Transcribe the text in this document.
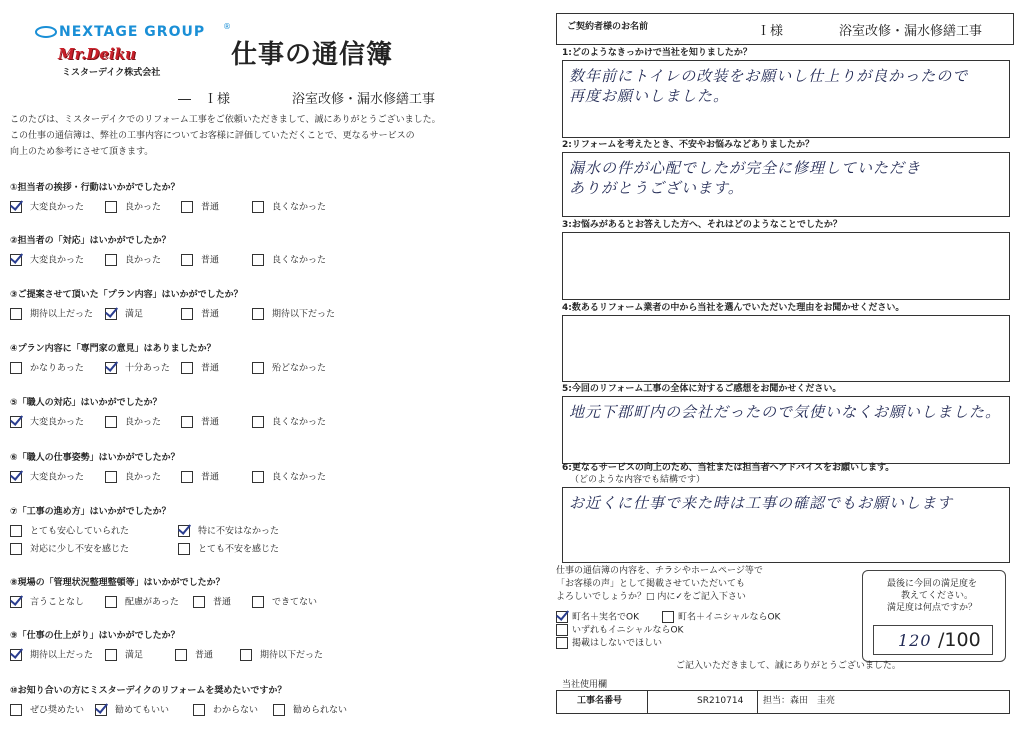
NEXTAGE GROUP ®
Mr.Deiku
ミスターデイク株式会社
仕事の通信簿
―　Ｉ様	浴室改修・漏水修繕工事
このたびは、ミスターデイクでのリフォーム工事をご依頼いただきまして、誠にありがとうございました。
この仕事の通信簿は、弊社の工事内容についてお客様に評価していただくことで、更なるサービスの
向上のため参考にさせて頂きます。
①担当者の挨拶・行動はいかがでしたか？
大変良かった	良かった	普通	良くなかった
②担当者の「対応」はいかがでしたか？
大変良かった	良かった	普通	良くなかった
③ご提案させて頂いた「プラン内容」はいかがでしたか？
期待以上だった	満足	普通	期待以下だった
④プラン内容に「専門家の意見」はありましたか？
かなりあった	十分あった	普通	殆どなかった
⑤「職人の対応」はいかがでしたか？
大変良かった	良かった	普通	良くなかった
⑥「職人の仕事姿勢」はいかがでしたか？
大変良かった	良かった	普通	良くなかった
⑦「工事の進め方」はいかがでしたか？
とても安心していられた	特に不安はなかった
対応に少し不安を感じた	とても不安を感じた
⑧現場の「管理状況整理整頓等」はいかがでしたか？
言うことなし	配慮があった	普通	できてない
⑨「仕事の仕上がり」はいかがでしたか？
期待以上だった	満足	普通	期待以下だった
⑩お知り合いの方にミスターデイクのリフォームを奨めたいですか？
ぜひ奨めたい	勧めてもいい	わからない	勧められない
ご契約者様のお名前	Ｉ様	浴室改修・漏水修繕工事
1:どのようなきっかけで当社を知りましたか？
数年前にトイレの改装をお願いし仕上りが良かったので
再度お願いしました。
2:リフォームを考えたとき、不安やお悩みなどありましたか？
漏水の件が心配でしたが完全に修理していただき
ありがとうございます。
3:お悩みがあるとお答えした方へ、それはどのようなことでしたか？
4:数あるリフォーム業者の中から当社を選んでいただいた理由をお聞かせください。
5:今回のリフォーム工事の全体に対するご感想をお聞かせください。
地元下郡町内の会社だったので気使いなくお願いしました。
6:更なるサービスの向上のため、当社または担当者へアドバイスをお願いします。
（どのような内容でも結構です）
お近くに仕事で来た時は工事の確認でもお願いします
仕事の通信簿の内容を、チラシやホームページ等で
「お客様の声」として掲載させていただいても
よろしいでしょうか？ □ 内に✓をご記入下さい
町名＋実名でOK	町名＋イニシャルならOK
いずれもイニシャルならOK
掲載はしないでほしい
最後に今回の満足度を
教えてください。
満足度は何点ですか？
120 /100
ご記入いただきまして、誠にありがとうございました。
当社使用欄
工事名番号	SR210714 担当：森田　圭亮
